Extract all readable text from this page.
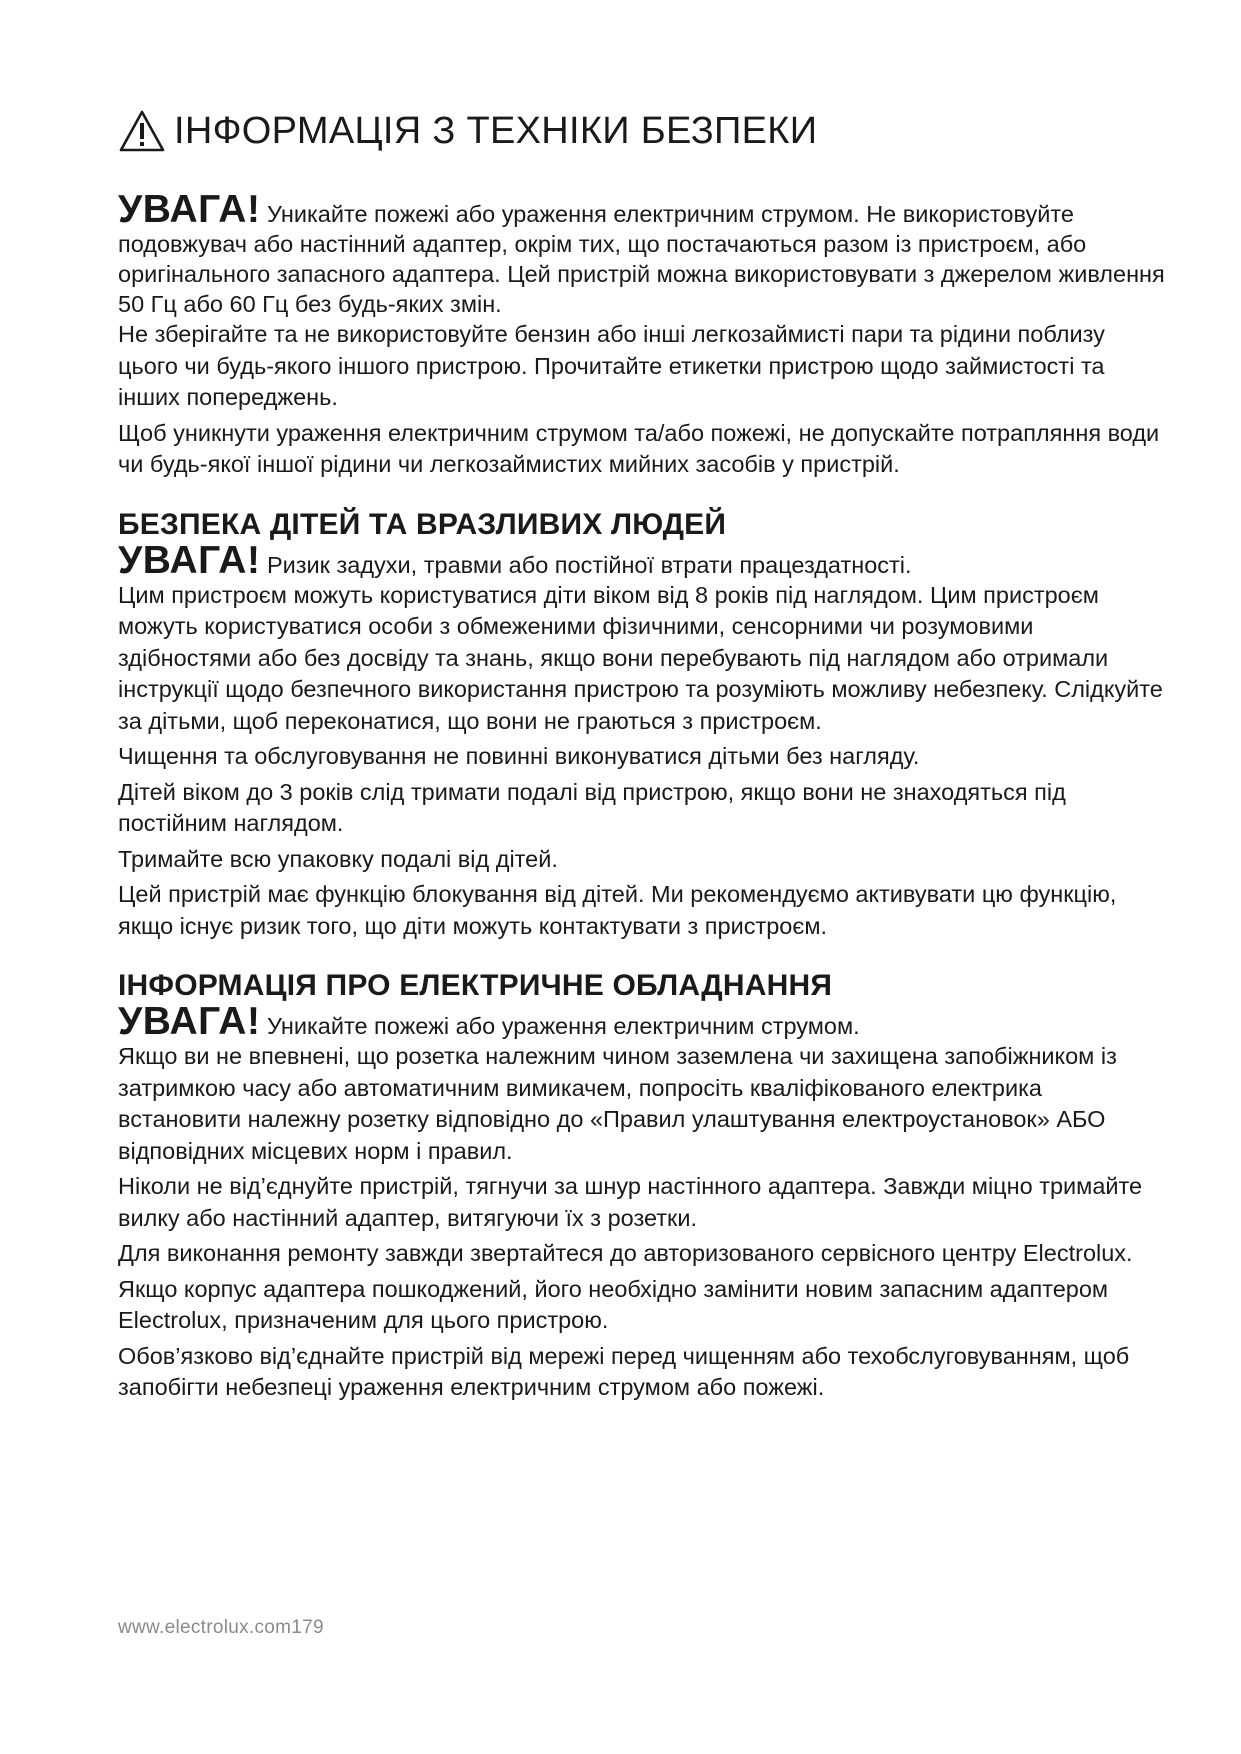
ІНФОРМАЦІЯ З ТЕХНІКИ БЕЗПЕКИ

УВАГА! Уникайте пожежі або ураження електричним струмом. Не використовуйте подовжувач або настінний адаптер, окрім тих, що постачаються разом із пристроєм, або оригінального запасного адаптера. Цей пристрій можна використовувати з джерелом живлення 50 Гц або 60 Гц без будь-яких змін.

Не зберігайте та не використовуйте бензин або інші легкозаймисті пари та рідини поблизу цього чи будь-якого іншого пристрою. Прочитайте етикетки пристрою щодо займистості та інших попереджень.

Щоб уникнути ураження електричним струмом та/або пожежі, не допускайте потрапляння води чи будь-якої іншої рідини чи легкозаймистих мийних засобів у пристрій.

БЕЗПЕКА ДІТЕЙ ТА ВРАЗЛИВИХ ЛЮДЕЙ

УВАГА! Ризик задухи, травми або постійної втрати працездатності.

Цим пристроєм можуть користуватися діти віком від 8 років під наглядом. Цим пристроєм можуть користуватися особи з обмеженими фізичними, сенсорними чи розумовими здібностями або без досвіду та знань, якщо вони перебувають під наглядом або отримали інструкції щодо безпечного використання пристрою та розуміють можливу небезпеку. Слідкуйте за дітьми, щоб переконатися, що вони не граються з пристроєм.

Чищення та обслуговування не повинні виконуватися дітьми без нагляду.

Дітей віком до 3 років слід тримати подалі від пристрою, якщо вони не знаходяться під постійним наглядом.

Тримайте всю упаковку подалі від дітей.

Цей пристрій має функцію блокування від дітей. Ми рекомендуємо активувати цю функцію, якщо існує ризик того, що діти можуть контактувати з пристроєм.

ІНФОРМАЦІЯ ПРО ЕЛЕКТРИЧНЕ ОБЛАДНАННЯ

УВАГА! Уникайте пожежі або ураження електричним струмом.

Якщо ви не впевнені, що розетка належним чином заземлена чи захищена запобіжником із затримкою часу або автоматичним вимикачем, попросіть кваліфікованого електрика встановити належну розетку відповідно до «Правил улаштування електроустановок» АБО відповідних місцевих норм і правил.

Ніколи не від’єднуйте пристрій, тягнучи за шнур настінного адаптера. Завжди міцно тримайте вилку або настінний адаптер, витягуючи їх з розетки.

Для виконання ремонту завжди звертайтеся до авторизованого сервісного центру Electrolux.

Якщо корпус адаптера пошкоджений, його необхідно замінити новим запасним адаптером Electrolux, призначеним для цього пристрою.

Обов’язково від’єднайте пристрій від мережі перед чищенням або техобслуговуванням, щоб запобігти небезпеці ураження електричним струмом або пожежі.

www.electrolux.com179
